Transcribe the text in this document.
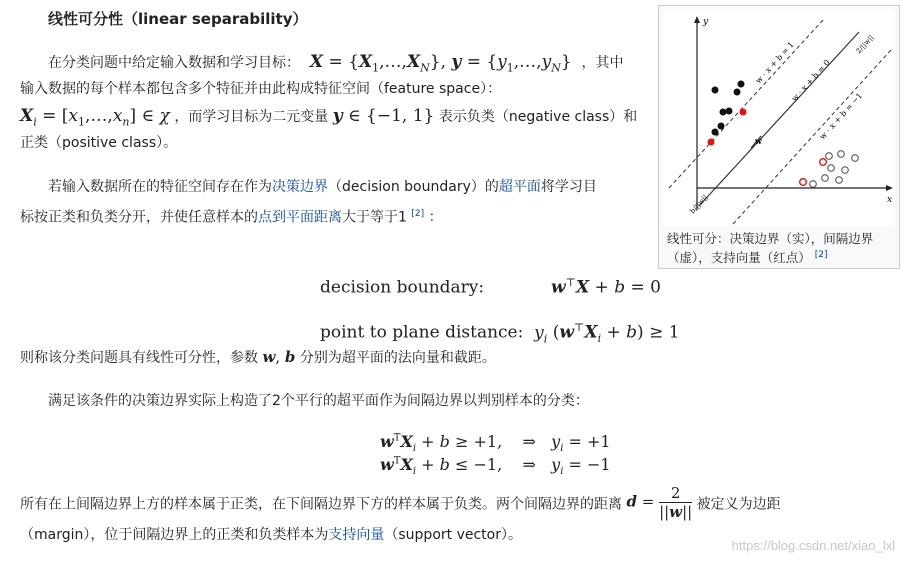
线性可分性（linear separability）
在分类问题中给定输入数据和学习目标： $X = \{X_1,\dots,X_N\}$, $y = \{y_1,\dots,y_N\}$  ，其中
输入数据的每个样本都包含多个特征并由此构成特征空间（feature space）：
$X_i$ = $[x_1,\dots,x_n]$ ∈ χ ，而学习目标为二元变量 y ∈ {−1, 1} 表示负类（negative class）和
正类（positive class）。
若输入数据所在的特征空间存在作为决策边界（decision boundary）的超平面将学习目
标按正类和负类分开，并使任意样本的点到平面距离大于等于1 [2] ：
decision boundary:	w⊤X + b = 0
point to plane distance: $y_i$ $(w^⊤X_i + b) \ge 1$
则称该分类问题具有线性可分性，参数 w, b 分别为超平面的法向量和截距。
满足该条件的决策边界实际上构造了2个平行的超平面作为间隔边界以判别样本的分类：
$w^TX_i + b \ge +1$,    ⇒   $y_i = +1$
$w^TX_i + b \le -1$,    ⇒   $y_i = -1$
所有在上间隔边界上方的样本属于正类，在下间隔边界下方的样本属于负类。两个间隔边界的距离 $d = \frac{2}{||w||}$ 被定义为边距
（margin），位于间隔边界上的正类和负类样本为支持向量（support vector）。
y
x
w · x + b = 1
w · x + b = 0
w · x + b = −1
2/||w||
b/||w||
w
线性可分：决策边界（实），间隔边界（虚），支持向量（红点） [2]
https://blog.csdn.net/xiao_lxl
